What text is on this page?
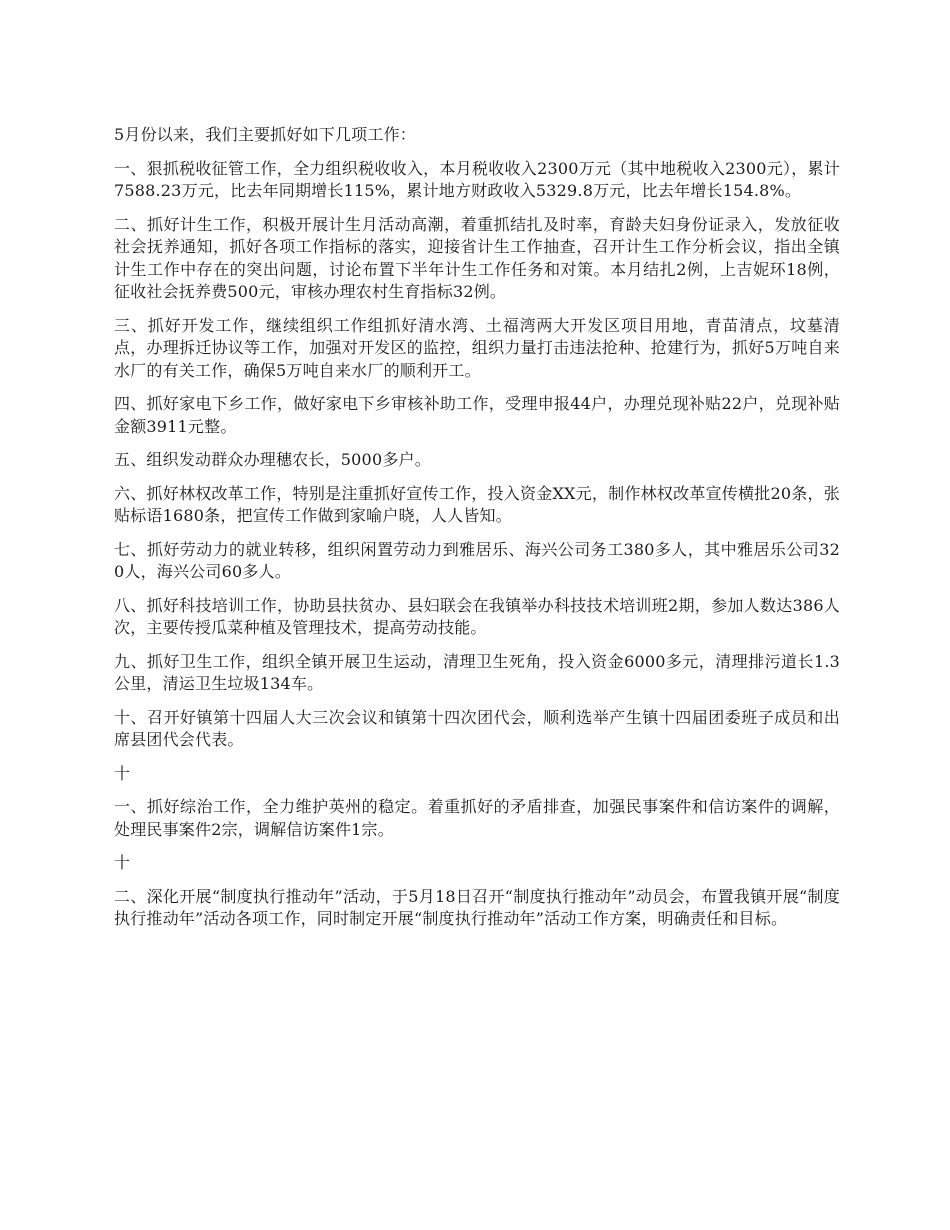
5月份以来，我们主要抓好如下几项工作：

一、狠抓税收征管工作，全力组织税收收入，本月税收收入2300万元（其中地税收入2300元），累计7588.23万元，比去年同期增长115%，累计地方财政收入5329.8万元，比去年增长154.8%。

二、抓好计生工作，积极开展计生月活动高潮，着重抓结扎及时率，育龄夫妇身份证录入，发放征收社会抚养通知，抓好各项工作指标的落实，迎接省计生工作抽查，召开计生工作分析会议，指出全镇计生工作中存在的突出问题，讨论布置下半年计生工作任务和对策。本月结扎2例，上吉妮环18例，征收社会抚养费500元，审核办理农村生育指标32例。

三、抓好开发工作，继续组织工作组抓好清水湾、土福湾两大开发区项目用地，青苗清点，坟墓清点，办理拆迁协议等工作，加强对开发区的监控，组织力量打击违法抢种、抢建行为，抓好5万吨自来水厂的有关工作，确保5万吨自来水厂的顺利开工。

四、抓好家电下乡工作，做好家电下乡审核补助工作，受理申报44户，办理兑现补贴22户，兑现补贴金额3911元整。

五、组织发动群众办理穗农长，5000多户。

六、抓好林权改革工作，特别是注重抓好宣传工作，投入资金XX元，制作林权改革宣传横批20条，张贴标语1680条，把宣传工作做到家喻户晓，人人皆知。

七、抓好劳动力的就业转移，组织闲置劳动力到雅居乐、海兴公司务工380多人，其中雅居乐公司320人，海兴公司60多人。

八、抓好科技培训工作，协助县扶贫办、县妇联会在我镇举办科技技术培训班2期，参加人数达386人次，主要传授瓜菜种植及管理技术，提高劳动技能。

九、抓好卫生工作，组织全镇开展卫生运动，清理卫生死角，投入资金6000多元，清理排污道长1.3公里，清运卫生垃圾134车。

十、召开好镇第十四届人大三次会议和镇第十四次团代会，顺利选举产生镇十四届团委班子成员和出席县团代会代表。

十

一、抓好综治工作，全力维护英州的稳定。着重抓好的矛盾排查，加强民事案件和信访案件的调解，处理民事案件2宗，调解信访案件1宗。

十

二、深化开展“制度执行推动年”活动，于5月18日召开“制度执行推动年”动员会，布置我镇开展“制度执行推动年”活动各项工作，同时制定开展“制度执行推动年”活动工作方案，明确责任和目标。
